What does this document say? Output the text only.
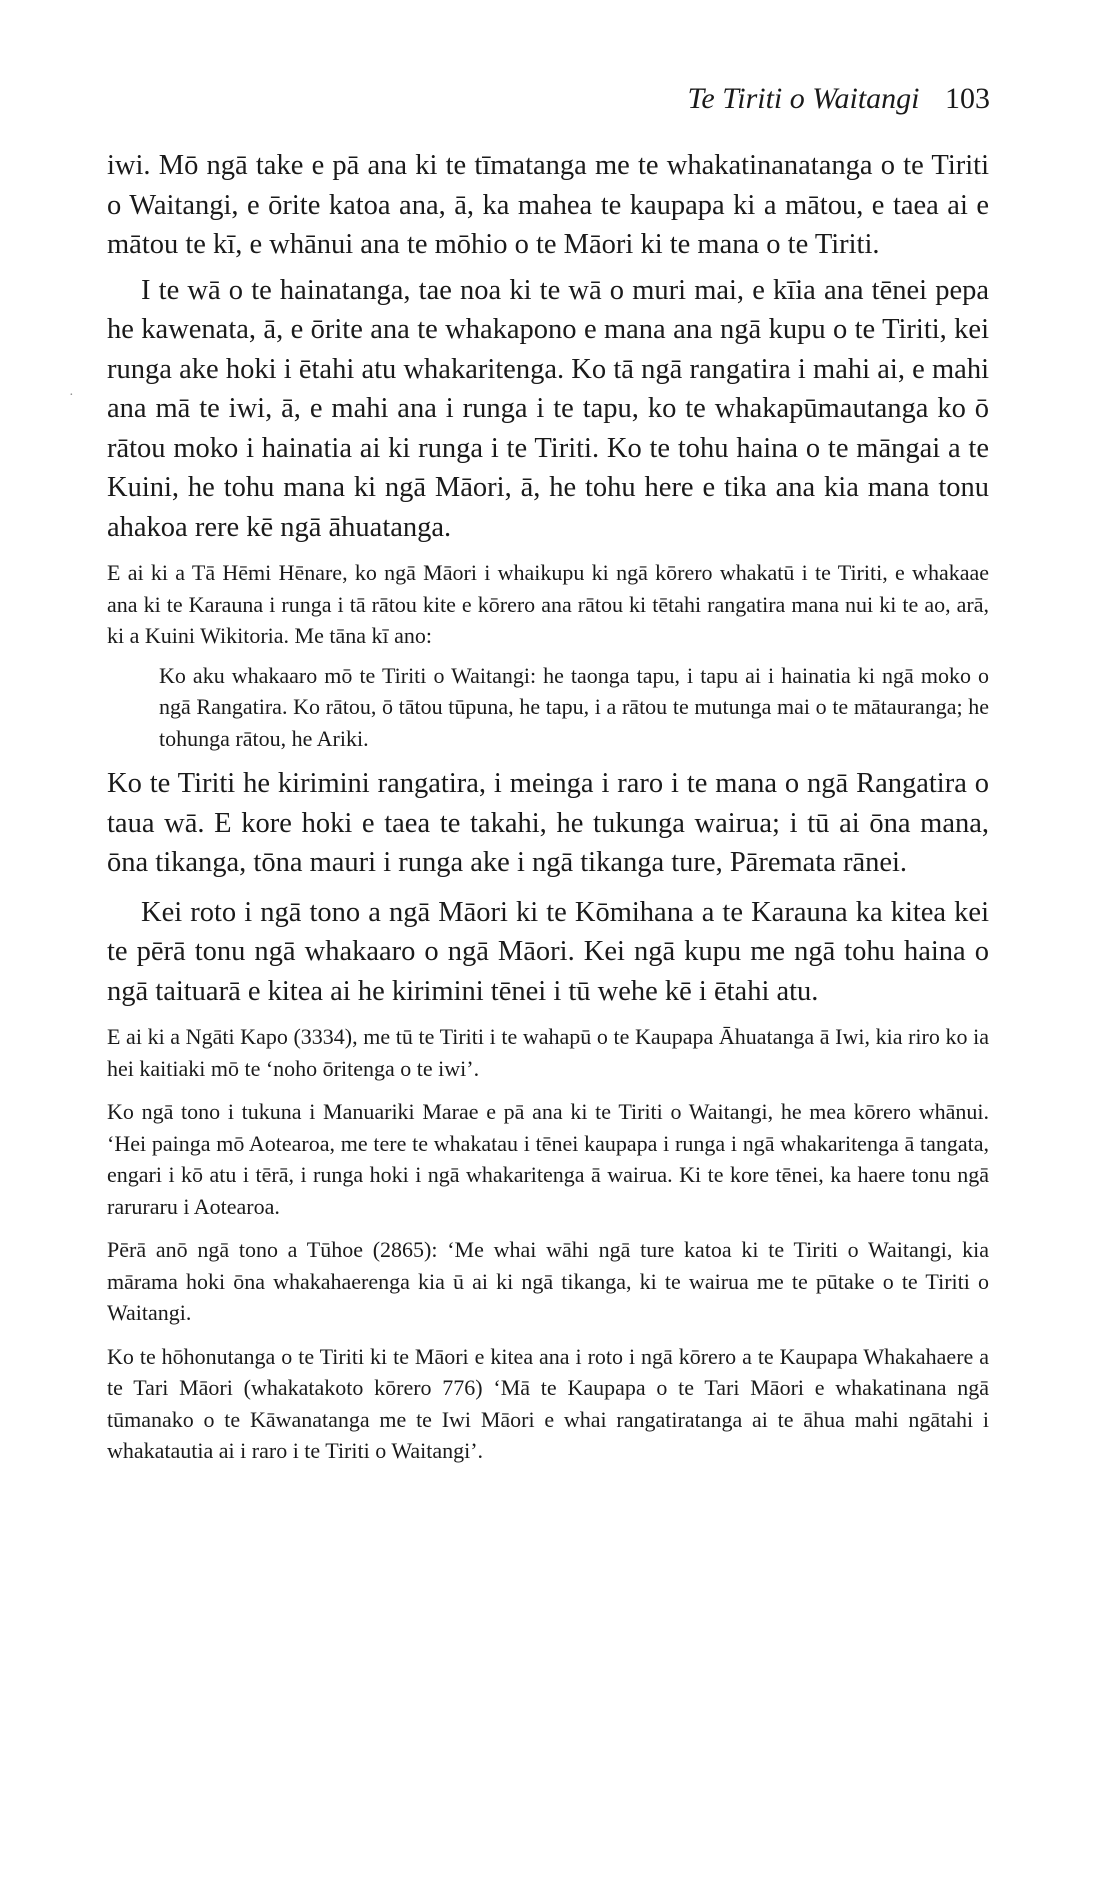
Te Tiriti o Waitangi 103
·

iwi. Mō ngā take e pā ana ki te tīmatanga me te whakatinanatanga o te Tiriti o Waitangi, e ōrite katoa ana, ā, ka mahea te kaupapa ki a mātou, e taea ai e mātou te kī, e whānui ana te mōhio o te Māori ki te mana o te Tiriti.

I te wā o te hainatanga, tae noa ki te wā o muri mai, e kīia ana tēnei pepa he kawenata, ā, e ōrite ana te whakapono e mana ana ngā kupu o te Tiriti, kei runga ake hoki i ētahi atu whakaritenga. Ko tā ngā rangatira i mahi ai, e mahi ana mā te iwi, ā, e mahi ana i runga i te tapu, ko te whakapūmautanga ko ō rātou moko i hainatia ai ki runga i te Tiriti. Ko te tohu haina o te māngai a te Kuini, he tohu mana ki ngā Māori, ā, he tohu here e tika ana kia mana tonu ahakoa rere kē ngā āhuatanga.

E ai ki a Tā Hēmi Hēnare, ko ngā Māori i whaikupu ki ngā kōrero whakatū i te Tiriti, e whakaae ana ki te Karauna i runga i tā rātou kite e kōrero ana rātou ki tētahi rangatira mana nui ki te ao, arā, ki a Kuini Wikitoria. Me tāna kī ano:

Ko aku whakaaro mō te Tiriti o Waitangi: he taonga tapu, i tapu ai i hainatia ki ngā moko o ngā Rangatira. Ko rātou, ō tātou tūpuna, he tapu, i a rātou te mutunga mai o te mātauranga; he tohunga rātou, he Ariki.

Ko te Tiriti he kirimini rangatira, i meinga i raro i te mana o ngā Rangatira o taua wā. E kore hoki e taea te takahi, he tukunga wairua; i tū ai ōna mana, ōna tikanga, tōna mauri i runga ake i ngā tikanga ture, Pāremata rānei.

Kei roto i ngā tono a ngā Māori ki te Kōmihana a te Karauna ka kitea kei te pērā tonu ngā whakaaro o ngā Māori. Kei ngā kupu me ngā tohu haina o ngā taituarā e kitea ai he kirimini tēnei i tū wehe kē i ētahi atu.

E ai ki a Ngāti Kapo (3334), me tū te Tiriti i te wahapū o te Kaupapa Āhuatanga ā Iwi, kia riro ko ia hei kaitiaki mō te ‘noho ōritenga o te iwi’.

Ko ngā tono i tukuna i Manuariki Marae e pā ana ki te Tiriti o Waitangi, he mea kōrero whānui. ‘Hei painga mō Aotearoa, me tere te whakatau i tēnei kaupapa i runga i ngā whakaritenga ā tangata, engari i kō atu i tērā, i runga hoki i ngā whakaritenga ā wairua. Ki te kore tēnei, ka haere tonu ngā raruraru i Aotearoa.

Pērā anō ngā tono a Tūhoe (2865): ‘Me whai wāhi ngā ture katoa ki te Tiriti o Waitangi, kia mārama hoki ōna whakahaerenga kia ū ai ki ngā tikanga, ki te wairua me te pūtake o te Tiriti o Waitangi.

Ko te hōhonutanga o te Tiriti ki te Māori e kitea ana i roto i ngā kōrero a te Kaupapa Whakahaere a te Tari Māori (whakatakoto kōrero 776) ‘Mā te Kaupapa o te Tari Māori e whakatinana ngā tūmanako o te Kāwanatanga me te Iwi Māori e whai rangatiratanga ai te āhua mahi ngātahi i whakatautia ai i raro i te Tiriti o Waitangi’.
